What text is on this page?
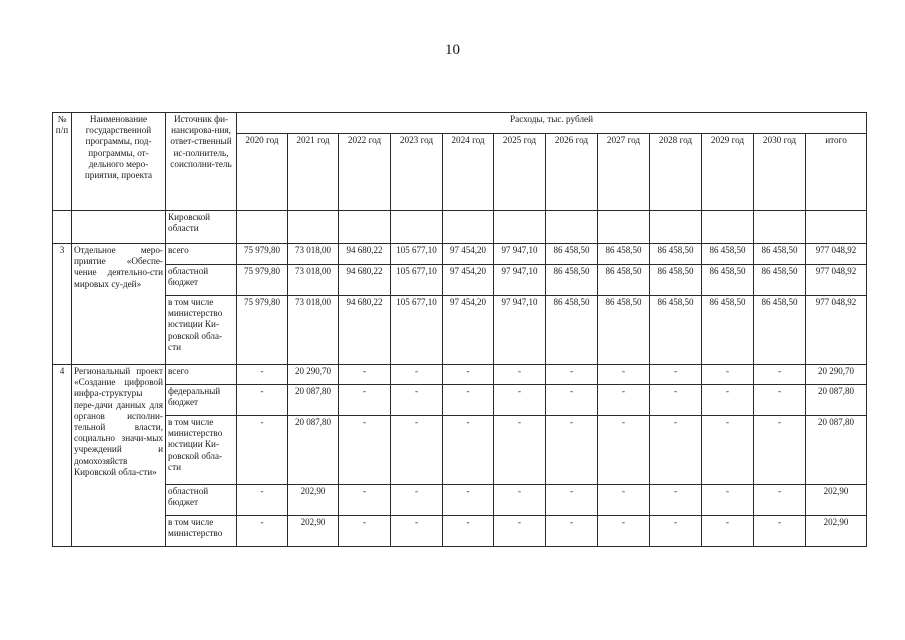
10
№ п/п	Наименование государственной программы, под-программы, от-дельного меро-приятия, проекта	Источник фи-нансирова-ния, ответ-ственный ис-полнитель, соисполни-тель	Расходы, тыс. рублей											
			2020 год	2021 год	2022 год	2023 год	2024 год	2025 год	2026 год	2027 год	2028 год	2029 год	2030 год	итого
		Кировской области												
3	Отдельное меро-приятие «Обеспе-чение деятельно-сти мировых су-дей»	всего	75 979,80	73 018,00	94 680,22	105 677,10	97 454,20	97 947,10	86 458,50	86 458,50	86 458,50	86 458,50	86 458,50	977 048,92
		областной бюджет	75 979,80	73 018,00	94 680,22	105 677,10	97 454,20	97 947,10	86 458,50	86 458,50	86 458,50	86 458,50	86 458,50	977 048,92
		в том числе министерство юстиции Ки-ровской обла-сти	75 979,80	73 018,00	94 680,22	105 677,10	97 454,20	97 947,10	86 458,50	86 458,50	86 458,50	86 458,50	86 458,50	977 048,92
4	Региональный проект «Создание цифровой инфра-структуры пере-дачи данных для органов исполни-тельной власти, социально значи-мых учреждений и домохозяйств Кировской обла-сти»	всего	-	20 290,70	-	-	-	-	-	-	-	-	-	20 290,70
		федеральный бюджет	-	20 087,80	-	-	-	-	-	-	-	-	-	20 087,80
		в том числе министерство юстиции Ки-ровской обла-сти	-	20 087,80	-	-	-	-	-	-	-	-	-	20 087,80
		областной бюджет	-	202,90	-	-	-	-	-	-	-	-	-	202,90
		в том числе министерство	-	202,90	-	-	-	-	-	-	-	-	-	202,90
